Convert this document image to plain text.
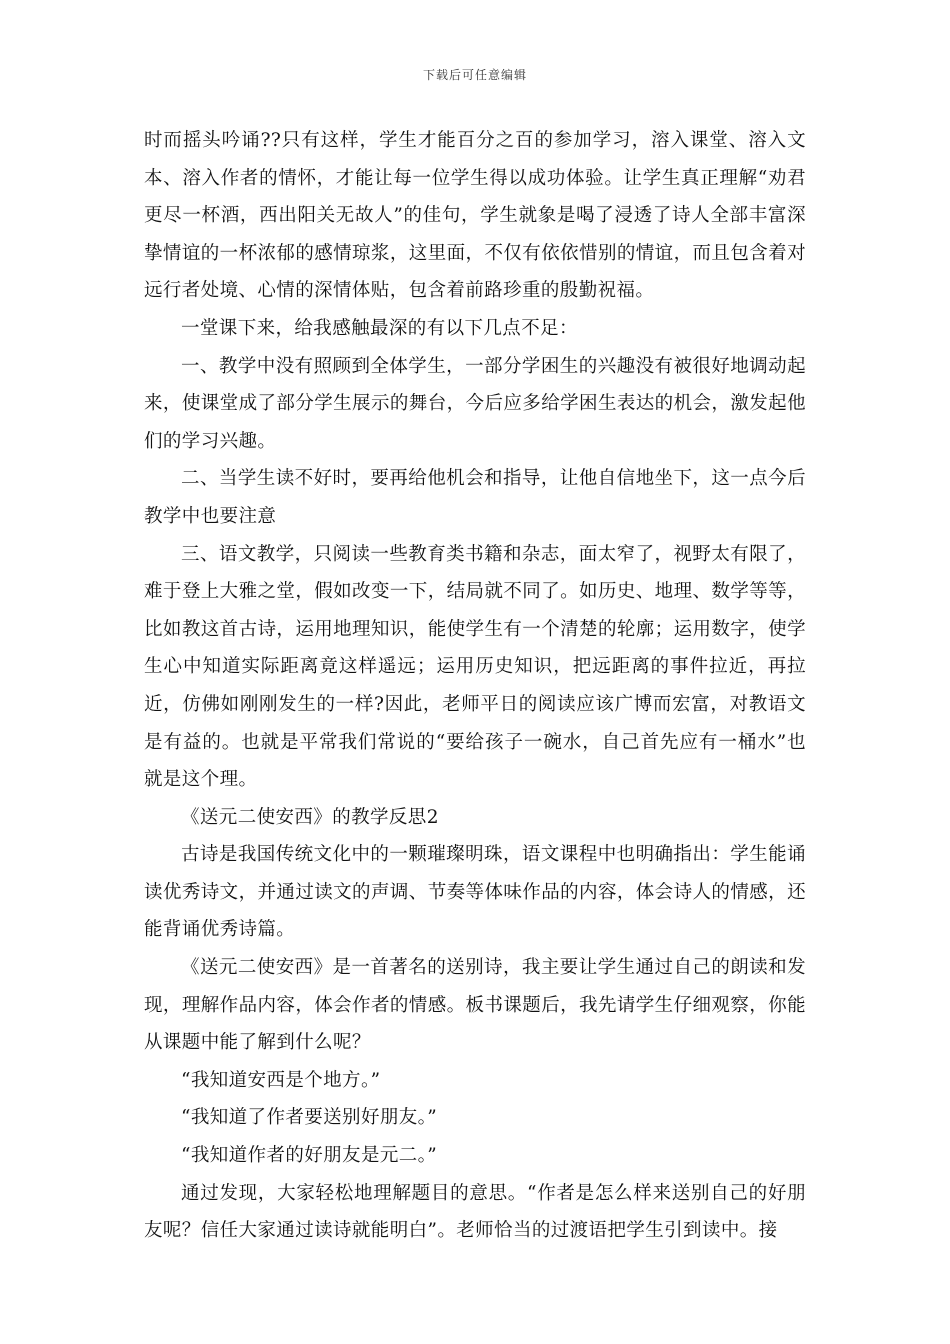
下载后可任意编辑

时而摇头吟诵??只有这样，学生才能百分之百的参加学习，溶入课堂、溶入文本、溶入作者的情怀，才能让每一位学生得以成功体验。让学生真正理解“劝君更尽一杯酒，西出阳关无故人”的佳句，学生就象是喝了浸透了诗人全部丰富深挚情谊的一杯浓郁的感情琼浆，这里面，不仅有依依惜别的情谊，而且包含着对远行者处境、心情的深情体贴，包含着前路珍重的殷勤祝福。

一堂课下来，给我感触最深的有以下几点不足：

一、教学中没有照顾到全体学生，一部分学困生的兴趣没有被很好地调动起来，使课堂成了部分学生展示的舞台，今后应多给学困生表达的机会，激发起他们的学习兴趣。

二、当学生读不好时，要再给他机会和指导，让他自信地坐下，这一点今后教学中也要注意

三、语文教学，只阅读一些教育类书籍和杂志，面太窄了，视野太有限了，难于登上大雅之堂，假如改变一下，结局就不同了。如历史、地理、数学等等，比如教这首古诗，运用地理知识，能使学生有一个清楚的轮廓；运用数字，使学生心中知道实际距离竟这样遥远；运用历史知识，把远距离的事件拉近，再拉近，仿佛如刚刚发生的一样?因此，老师平日的阅读应该广博而宏富，对教语文是有益的。也就是平常我们常说的“要给孩子一碗水，自己首先应有一桶水”也就是这个理。

《送元二使安西》的教学反思2

古诗是我国传统文化中的一颗璀璨明珠，语文课程中也明确指出：学生能诵读优秀诗文，并通过读文的声调、节奏等体味作品的内容，体会诗人的情感，还能背诵优秀诗篇。

《送元二使安西》是一首著名的送别诗，我主要让学生通过自己的朗读和发现，理解作品内容，体会作者的情感。板书课题后，我先请学生仔细观察，你能从课题中能了解到什么呢？

“我知道安西是个地方。”

“我知道了作者要送别好朋友。”

“我知道作者的好朋友是元二。”

通过发现，大家轻松地理解题目的意思。“作者是怎么样来送别自己的好朋友呢？信任大家通过读诗就能明白”。老师恰当的过渡语把学生引到读中。接
